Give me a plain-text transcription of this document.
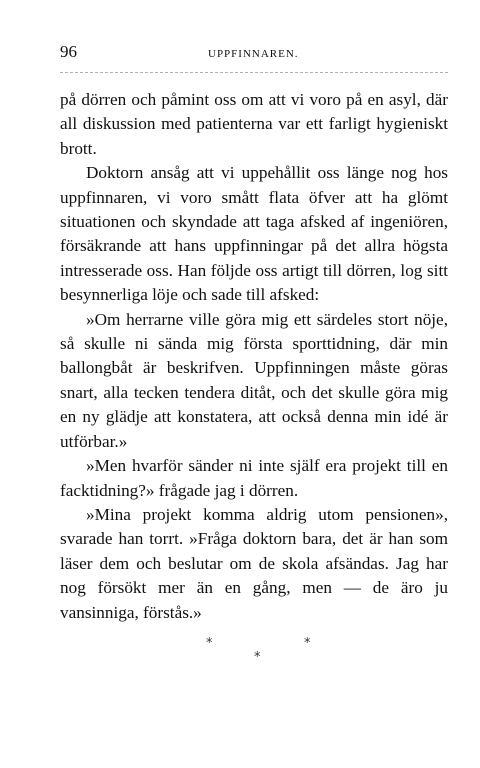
96	UPPFINNAREN.

på dörren och påmint oss om att vi voro på en asyl, där all diskussion med patienterna var ett farligt hygieniskt brott.

Doktorn ansåg att vi uppehållit oss länge nog hos uppfinnaren, vi voro smått flata öfver att ha glömt situationen och skyndade att taga afsked af ingeniören, försäkrande att hans uppfinningar på det allra högsta intresserade oss. Han följde oss artigt till dörren, log sitt besynnerliga löje och sade till afsked:

»Om herrarne ville göra mig ett särdeles stort nöje, så skulle ni sända mig första sporttidning, där min ballongbåt är beskrifven. Uppfinningen måste göras snart, alla tecken tendera ditåt, och det skulle göra mig en ny glädje att konstatera, att också denna min idé är utförbar.»

»Men hvarför sänder ni inte själf era projekt till en facktidning?» frågade jag i dörren.

»Mina projekt komma aldrig utom pensionen», svarade han torrt. »Fråga doktorn bara, det är han som läser dem och beslutar om de skola afsändas. Jag har nog försökt mer än en gång, men — de äro ju vansinniga, förstås.»

*	*
*
